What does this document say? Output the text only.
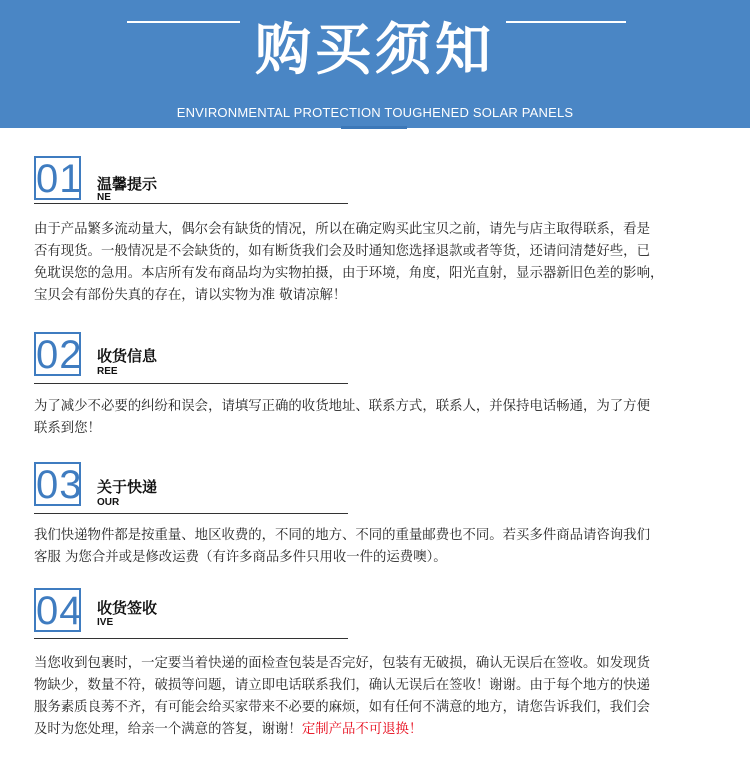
购买须知
ENVIRONMENTAL PROTECTION TOUGHENED SOLAR PANELS
01 温馨提示
NE
由于产品繁多流动量大，偶尔会有缺货的情况，所以在确定购买此宝贝之前，请先与店主取得联系，看是
否有现货。一般情况是不会缺货的，如有断货我们会及时通知您选择退款或者等货，还请问清楚好些，已
免耽误您的急用。本店所有发布商品均为实物拍摄，由于环境，角度，阳光直射，显示器新旧色差的影响，
宝贝会有部份失真的存在，请以实物为准 敬请凉解！
02 收货信息
REE
为了减少不必要的纠纷和误会，请填写正确的收货地址、联系方式，联系人，并保持电话畅通，为了方便
联系到您！
03 关于快递
OUR
我们快递物件都是按重量、地区收费的，不同的地方、不同的重量邮费也不同。若买多件商品请咨询我们
客服 为您合并或是修改运费（有许多商品多件只用收一件的运费噢）。
04 收货签收
IVE
当您收到包裹时，一定要当着快递的面检查包装是否完好，包装有无破损，确认无误后在签收。如发现货
物缺少，数量不符，破损等问题，请立即电话联系我们，确认无误后在签收！谢谢。由于每个地方的快递
服务素质良莠不齐，有可能会给买家带来不必要的麻烦，如有任何不满意的地方，请您告诉我们，我们会
及时为您处理，给亲一个满意的答复，谢谢！定制产品不可退换！
